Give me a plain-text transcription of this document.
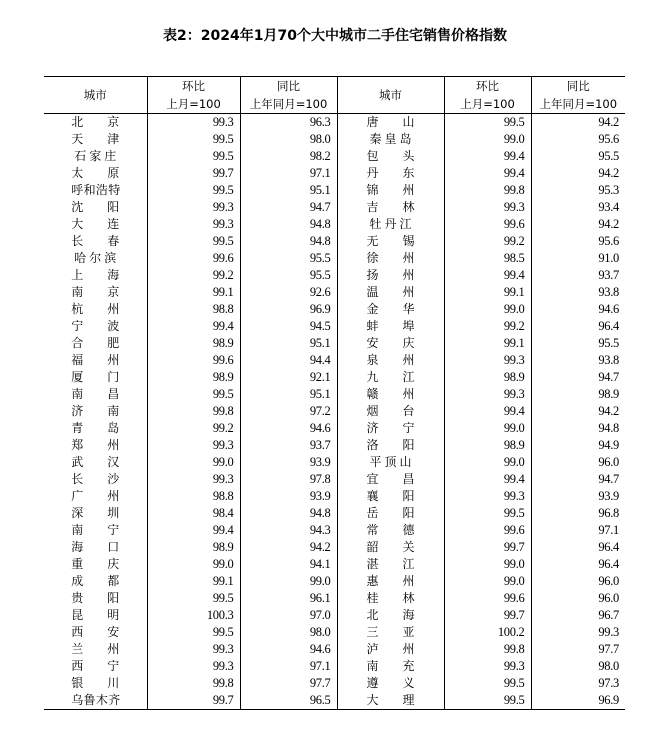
表2：2024年1月70个大中城市二手住宅销售价格指数
城市	环比	同比	城市	环比	同比
	上月=100	上年同月=100		上月=100	上年同月=100
北京	99.3	96.3	唐山	99.5	94.2
天津	99.5	98.0	秦皇岛	99.0	95.6
石家庄	99.5	98.2	包头	99.4	95.5
太原	99.7	97.1	丹东	99.4	94.2
呼和浩特	99.5	95.1	锦州	99.8	95.3
沈阳	99.3	94.7	吉林	99.3	93.4
大连	99.3	94.8	牡丹江	99.6	94.2
长春	99.5	94.8	无锡	99.2	95.6
哈尔滨	99.6	95.5	徐州	98.5	91.0
上海	99.2	95.5	扬州	99.4	93.7
南京	99.1	92.6	温州	99.1	93.8
杭州	98.8	96.9	金华	99.0	94.6
宁波	99.4	94.5	蚌埠	99.2	96.4
合肥	98.9	95.1	安庆	99.1	95.5
福州	99.6	94.4	泉州	99.3	93.8
厦门	98.9	92.1	九江	98.9	94.7
南昌	99.5	95.1	赣州	99.3	98.9
济南	99.8	97.2	烟台	99.4	94.2
青岛	99.2	94.6	济宁	99.0	94.8
郑州	99.3	93.7	洛阳	98.9	94.9
武汉	99.0	93.9	平顶山	99.0	96.0
长沙	99.3	97.8	宜昌	99.4	94.7
广州	98.8	93.9	襄阳	99.3	93.9
深圳	98.4	94.8	岳阳	99.5	96.8
南宁	99.4	94.3	常德	99.6	97.1
海口	98.9	94.2	韶关	99.7	96.4
重庆	99.0	94.1	湛江	99.0	96.4
成都	99.1	99.0	惠州	99.0	96.0
贵阳	99.5	96.1	桂林	99.6	96.0
昆明	100.3	97.0	北海	99.7	96.7
西安	99.5	98.0	三亚	100.2	99.3
兰州	99.3	94.6	泸州	99.8	97.7
西宁	99.3	97.1	南充	99.3	98.0
银川	99.8	97.7	遵义	99.5	97.3
乌鲁木齐	99.7	96.5	大理	99.5	96.9
